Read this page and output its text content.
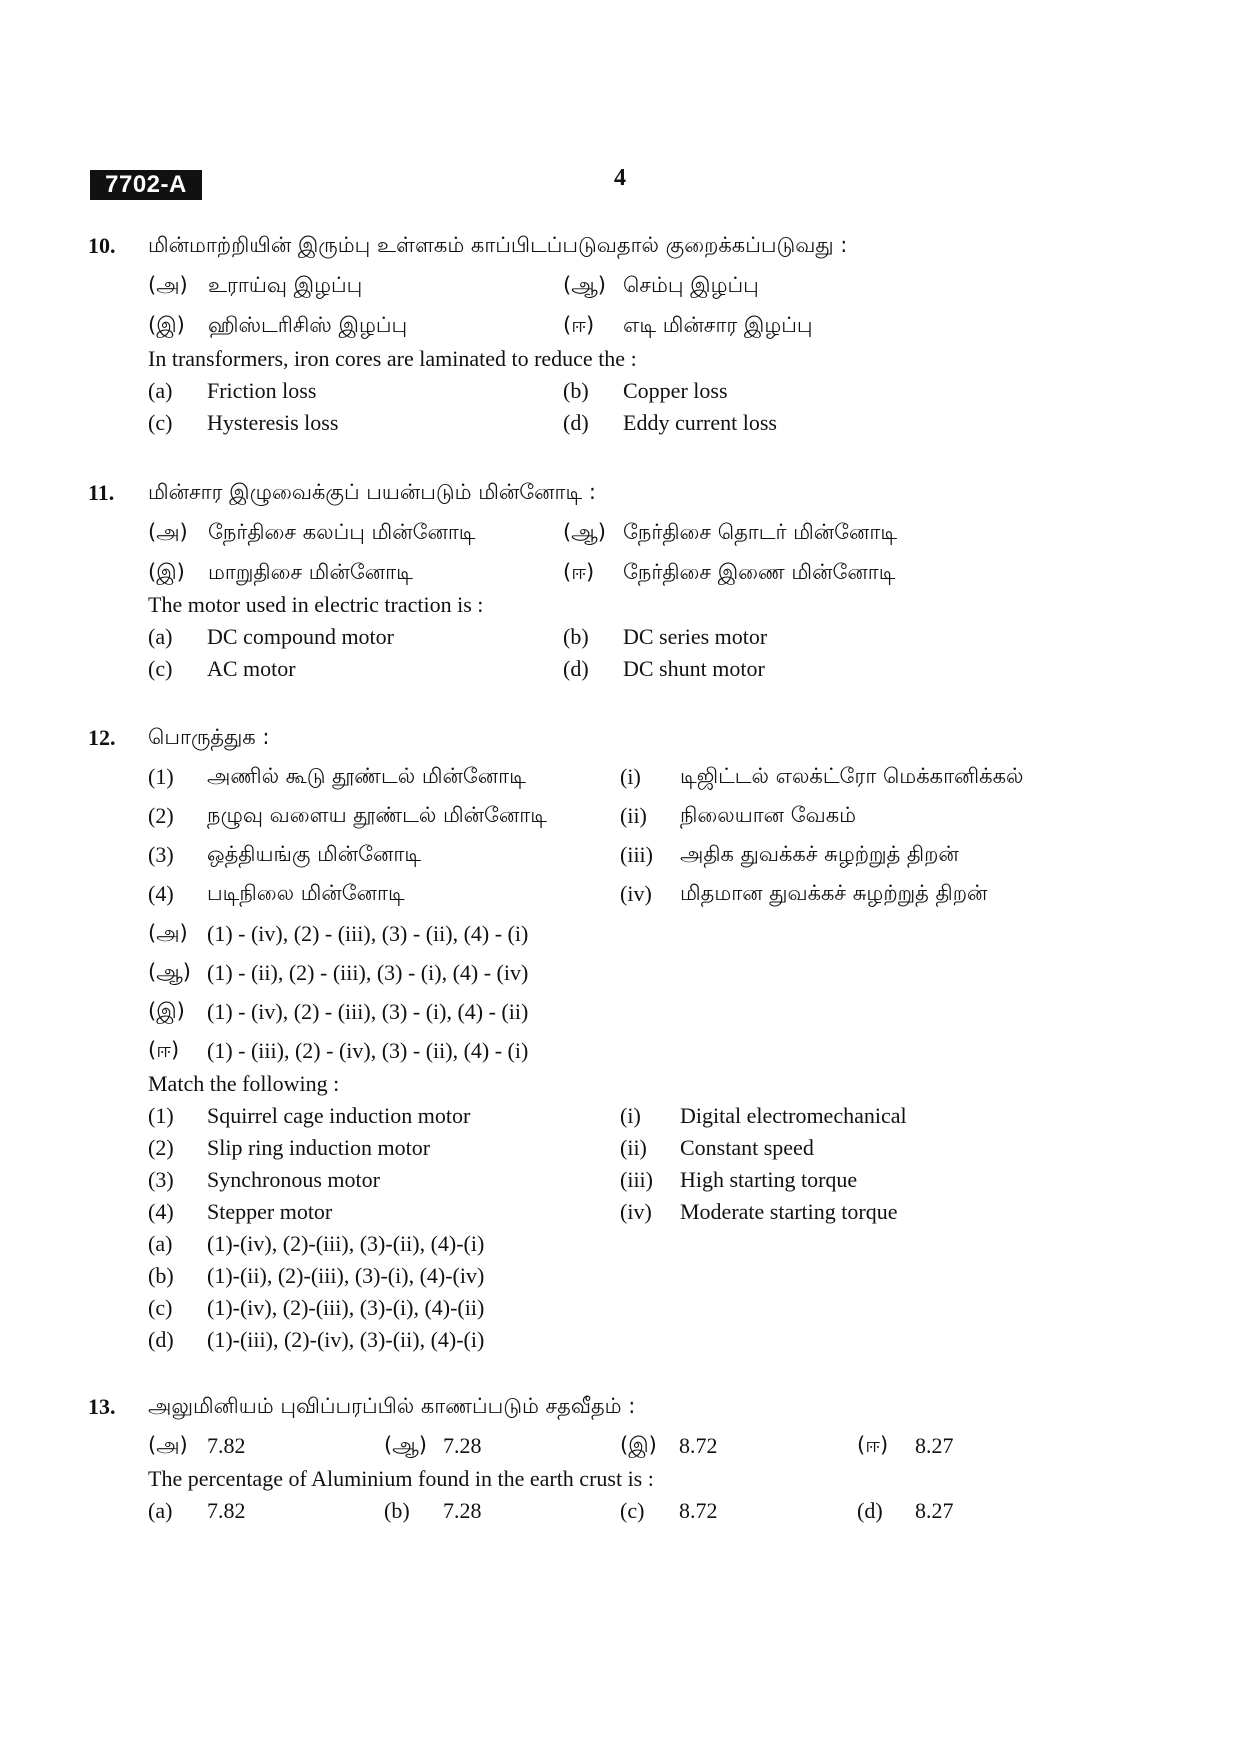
7702-A	4
10. மின்மாற்றியின் இரும்பு உள்ளகம் காப்பிடப்படுவதால் குறைக்கப்படுவது :
(அ) உராய்வு இழப்பு	(ஆ) செம்பு இழப்பு
(இ) ஹிஸ்டரிசிஸ் இழப்பு	(ஈ) எடி மின்சார இழப்பு
In transformers, iron cores are laminated to reduce the :
(a) Friction loss	(b) Copper loss
(c) Hysteresis loss	(d) Eddy current loss
11. மின்சார இழுவைக்குப் பயன்படும் மின்னோடி :
(அ) நேர்திசை கலப்பு மின்னோடி	(ஆ) நேர்திசை தொடர் மின்னோடி
(இ) மாறுதிசை மின்னோடி	(ஈ) நேர்திசை இணை மின்னோடி
The motor used in electric traction is :
(a) DC compound motor	(b) DC series motor
(c) AC motor	(d) DC shunt motor
12. பொருத்துக :
(1) அணில் கூடு தூண்டல் மின்னோடி	(i) டிஜிட்டல் எலக்ட்ரோ மெக்கானிக்கல்
(2) நழுவு வளைய தூண்டல் மின்னோடி	(ii) நிலையான வேகம்
(3) ஒத்தியங்கு மின்னோடி	(iii) அதிக துவக்கச் சுழற்றுத் திறன்
(4) படிநிலை மின்னோடி	(iv) மிதமான துவக்கச் சுழற்றுத் திறன்
(அ) (1) - (iv), (2) - (iii), (3) - (ii), (4) - (i)
(ஆ) (1) - (ii), (2) - (iii), (3) - (i), (4) - (iv)
(இ) (1) - (iv), (2) - (iii), (3) - (i), (4) - (ii)
(ஈ) (1) - (iii), (2) - (iv), (3) - (ii), (4) - (i)
Match the following :
(1) Squirrel cage induction motor	(i) Digital electromechanical
(2) Slip ring induction motor	(ii) Constant speed
(3) Synchronous motor	(iii) High starting torque
(4) Stepper motor	(iv) Moderate starting torque
(a) (1)-(iv), (2)-(iii), (3)-(ii), (4)-(i)
(b) (1)-(ii), (2)-(iii), (3)-(i), (4)-(iv)
(c) (1)-(iv), (2)-(iii), (3)-(i), (4)-(ii)
(d) (1)-(iii), (2)-(iv), (3)-(ii), (4)-(i)
13. அலுமினியம் புவிப்பரப்பில் காணப்படும் சதவீதம் :
(அ) 7.82	(ஆ) 7.28	(இ) 8.72	(ஈ) 8.27
The percentage of Aluminium found in the earth crust is :
(a) 7.82	(b) 7.28	(c) 8.72	(d) 8.27
